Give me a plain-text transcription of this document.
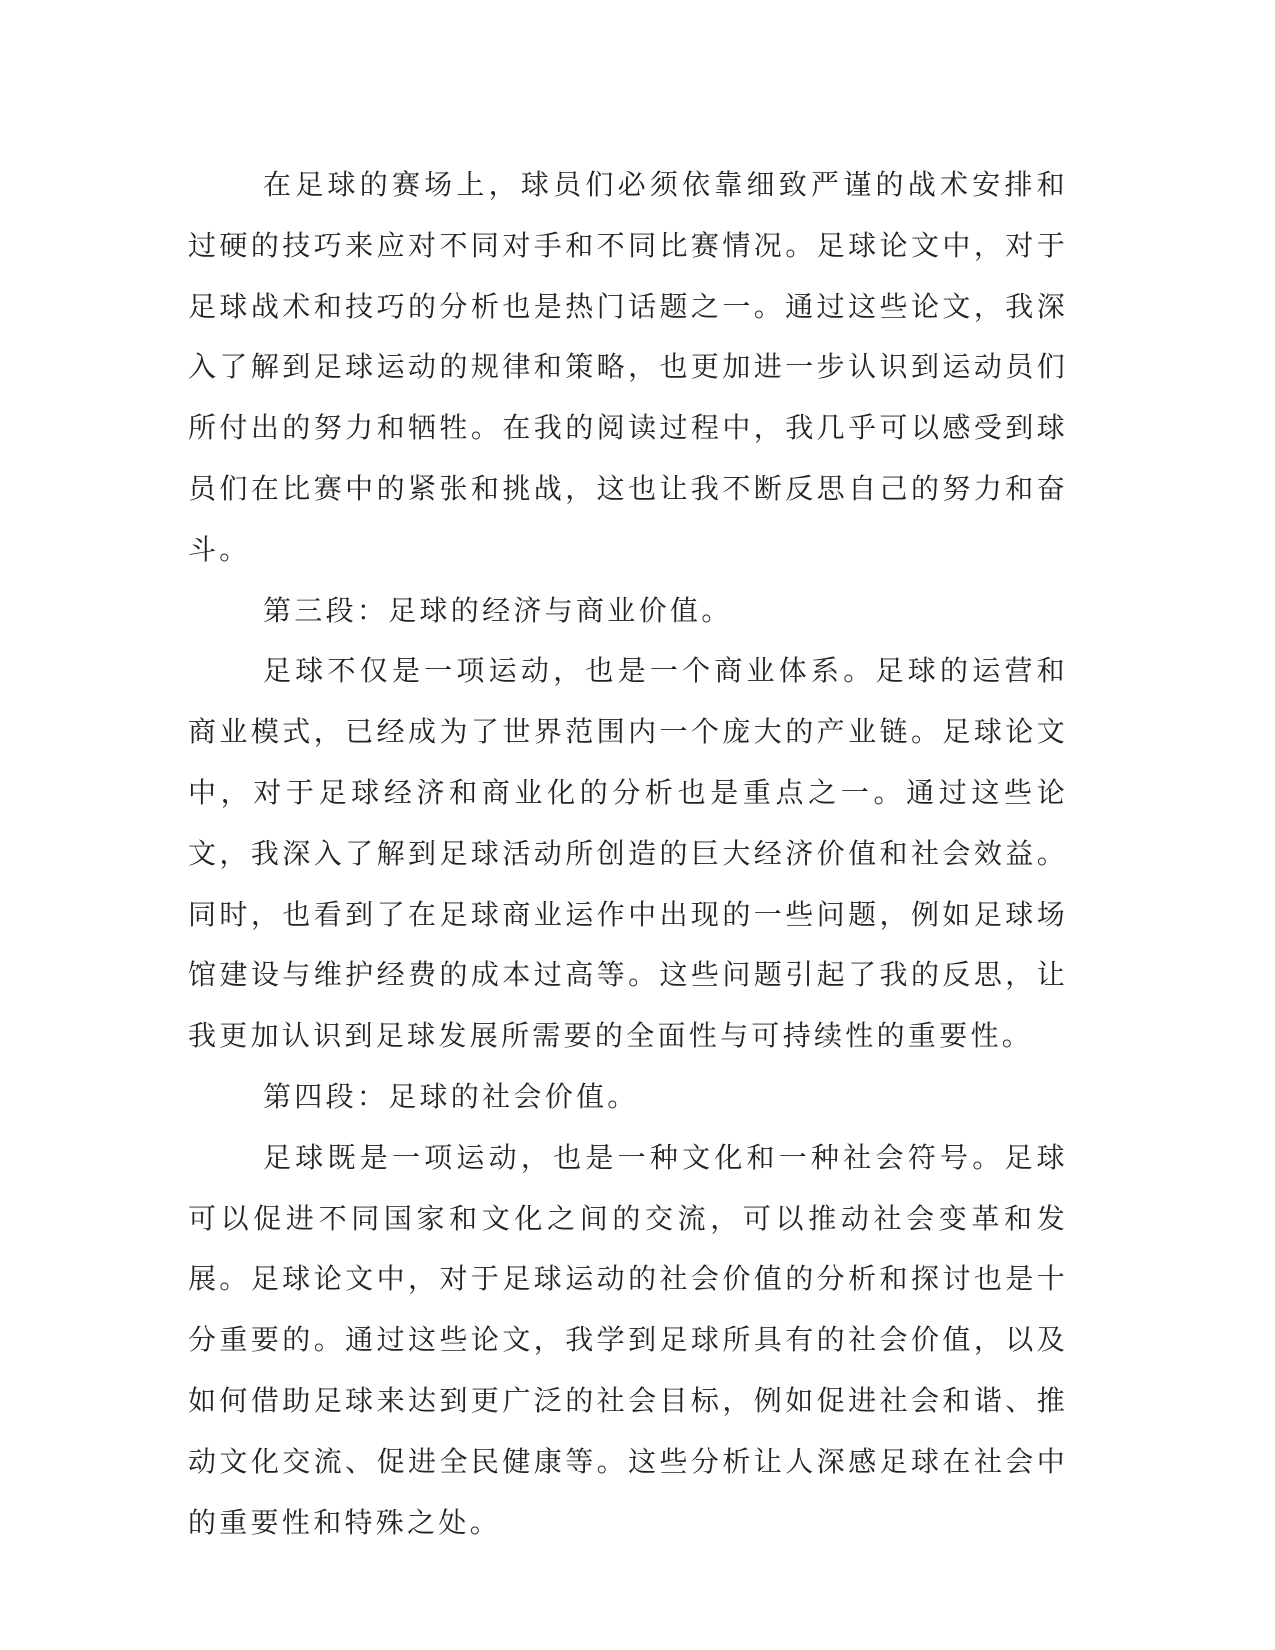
在足球的赛场上，球员们必须依靠细致严谨的战术安排和过硬的技巧来应对不同对手和不同比赛情况。足球论文中，对于足球战术和技巧的分析也是热门话题之一。通过这些论文，我深入了解到足球运动的规律和策略，也更加进一步认识到运动员们所付出的努力和牺牲。在我的阅读过程中，我几乎可以感受到球员们在比赛中的紧张和挑战，这也让我不断反思自己的努力和奋斗。

第三段：足球的经济与商业价值。

足球不仅是一项运动，也是一个商业体系。足球的运营和商业模式，已经成为了世界范围内一个庞大的产业链。足球论文中，对于足球经济和商业化的分析也是重点之一。通过这些论文，我深入了解到足球活动所创造的巨大经济价值和社会效益。同时，也看到了在足球商业运作中出现的一些问题，例如足球场馆建设与维护经费的成本过高等。这些问题引起了我的反思，让我更加认识到足球发展所需要的全面性与可持续性的重要性。

第四段：足球的社会价值。

足球既是一项运动，也是一种文化和一种社会符号。足球可以促进不同国家和文化之间的交流，可以推动社会变革和发展。足球论文中，对于足球运动的社会价值的分析和探讨也是十分重要的。通过这些论文，我学到足球所具有的社会价值，以及如何借助足球来达到更广泛的社会目标，例如促进社会和谐、推动文化交流、促进全民健康等。这些分析让人深感足球在社会中的重要性和特殊之处。
